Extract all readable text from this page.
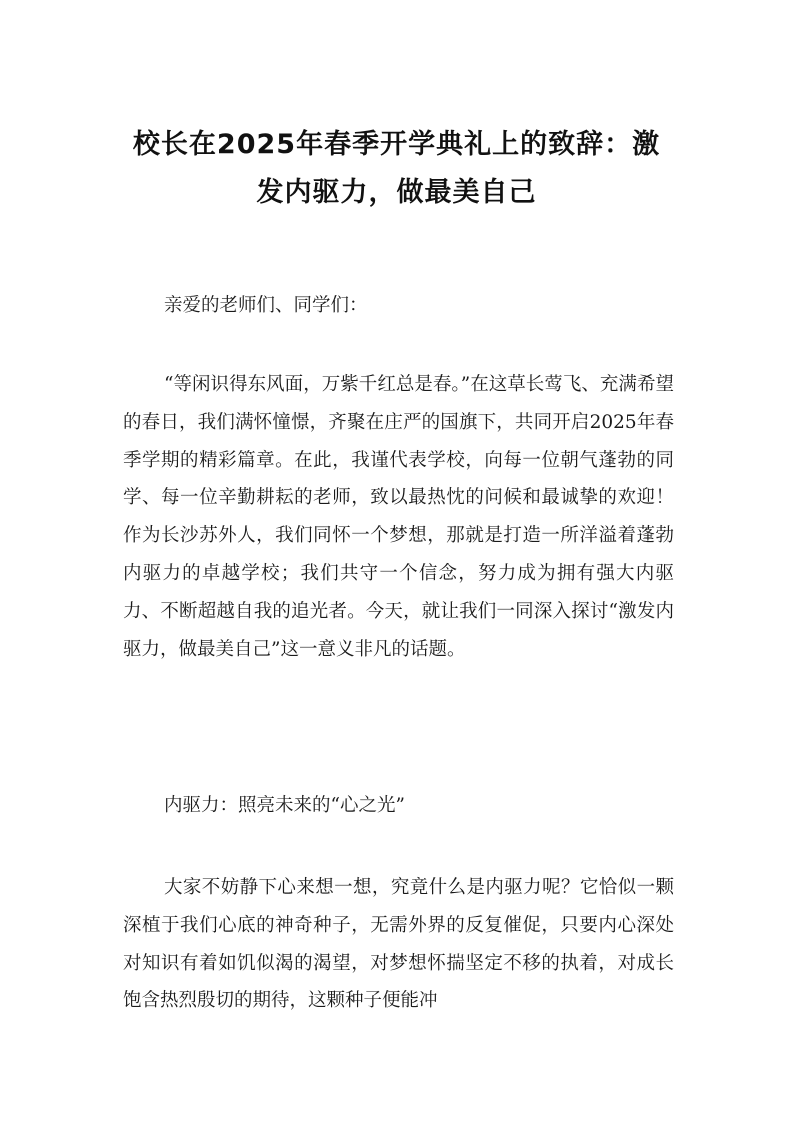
校长在2025年春季开学典礼上的致辞：激
发内驱力，做最美自己
亲爱的老师们、同学们：
“等闲识得东风面，万紫千红总是春。”在这草长莺飞、充满希望的春日，我们满怀憧憬，齐聚在庄严的国旗下，共同开启2025年春季学期的精彩篇章。在此，我谨代表学校，向每一位朝气蓬勃的同学、每一位辛勤耕耘的老师，致以最热忱的问候和最诚挚的欢迎！作为长沙苏外人，我们同怀一个梦想，那就是打造一所洋溢着蓬勃内驱力的卓越学校；我们共守一个信念，努力成为拥有强大内驱力、不断超越自我的追光者。今天，就让我们一同深入探讨“激发内驱力，做最美自己”这一意义非凡的话题。
内驱力：照亮未来的“心之光”
大家不妨静下心来想一想，究竟什么是内驱力呢？它恰似一颗深植于我们心底的神奇种子，无需外界的反复催促，只要内心深处对知识有着如饥似渴的渴望，对梦想怀揣坚定不移的执着，对成长饱含热烈殷切的期待，这颗种子便能冲
